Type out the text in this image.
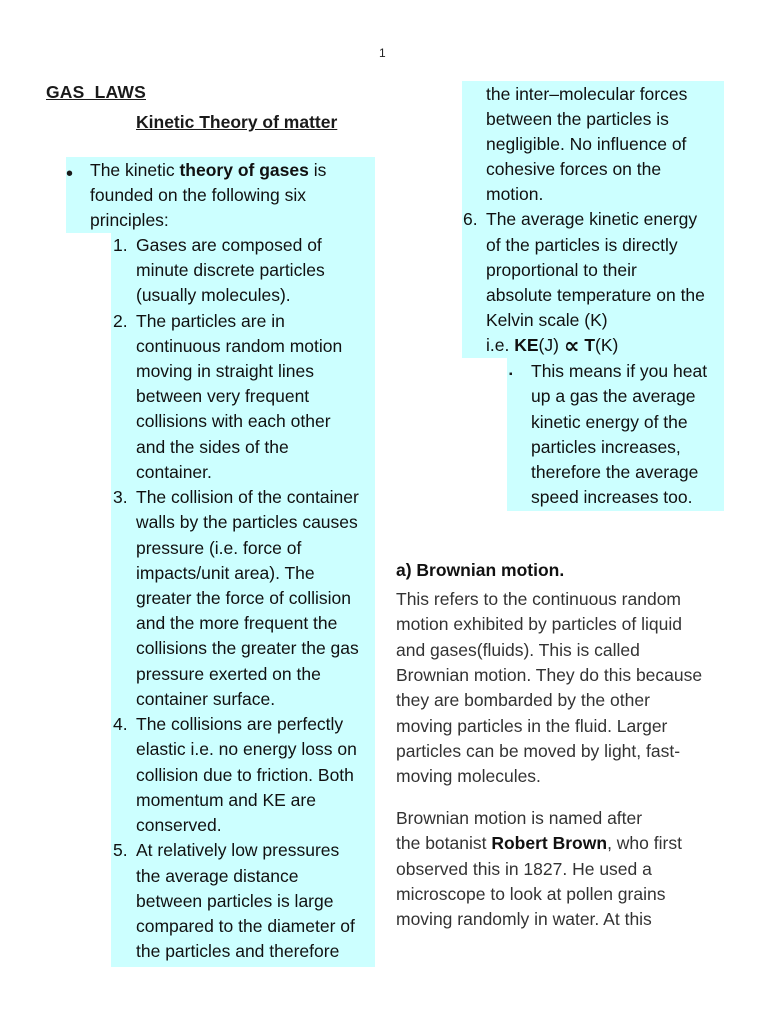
1
GAS  LAWS
Kinetic Theory of matter
• The kinetic theory of gases is
founded on the following six
principles:
1. Gases are composed of
minute discrete particles
(usually molecules).
2. The particles are in
continuous random motion
moving in straight lines
between very frequent
collisions with each other
and the sides of the
container.
3. The collision of the container
walls by the particles causes
pressure (i.e. force of
impacts/unit area). The
greater the force of collision
and the more frequent the
collisions the greater the gas
pressure exerted on the
container surface.
4. The collisions are perfectly
elastic i.e. no energy loss on
collision due to friction. Both
momentum and KE are
conserved.
5. At relatively low pressures
the average distance
between particles is large
compared to the diameter of
the particles and therefore
the inter–molecular forces
between the particles is
negligible. No influence of
cohesive forces on the
motion.
6. The average kinetic energy
of the particles is directly
proportional to their
absolute temperature on the
Kelvin scale (K)
i.e. KE(J) ∝ T(K)
▪ This means if you heat
up a gas the average
kinetic energy of the
particles increases,
therefore the average
speed increases too.
a) Brownian motion.
This refers to the continuous random
motion exhibited by particles of liquid
and gases(fluids). This is called
Brownian motion. They do this because
they are bombarded by the other
moving particles in the fluid. Larger
particles can be moved by light, fast-
moving molecules.
Brownian motion is named after
the botanist Robert Brown, who first
observed this in 1827. He used a
microscope to look at pollen grains
moving randomly in water. At this
